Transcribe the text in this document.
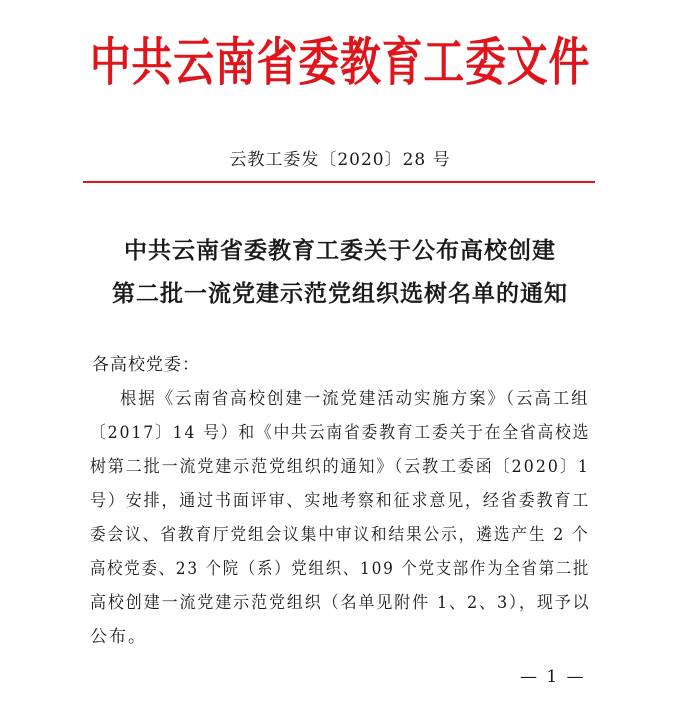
中共云南省委教育工委文件
云教工委发〔2020〕28 号
中共云南省委教育工委关于公布高校创建
第二批一流党建示范党组织选树名单的通知
各高校党委：
根据《云南省高校创建一流党建活动实施方案》（云高工组
〔2017〕14 号）和《中共云南省委教育工委关于在全省高校选
树第二批一流党建示范党组织的通知》（云教工委函〔2020〕1
号）安排，通过书面评审、实地考察和征求意见，经省委教育工
委会议、省教育厅党组会议集中审议和结果公示，遴选产生 2 个
高校党委、23 个院（系）党组织、109 个党支部作为全省第二批
高校创建一流党建示范党组织（名单见附件 1、2、3），现予以
公布。
— 1 —
